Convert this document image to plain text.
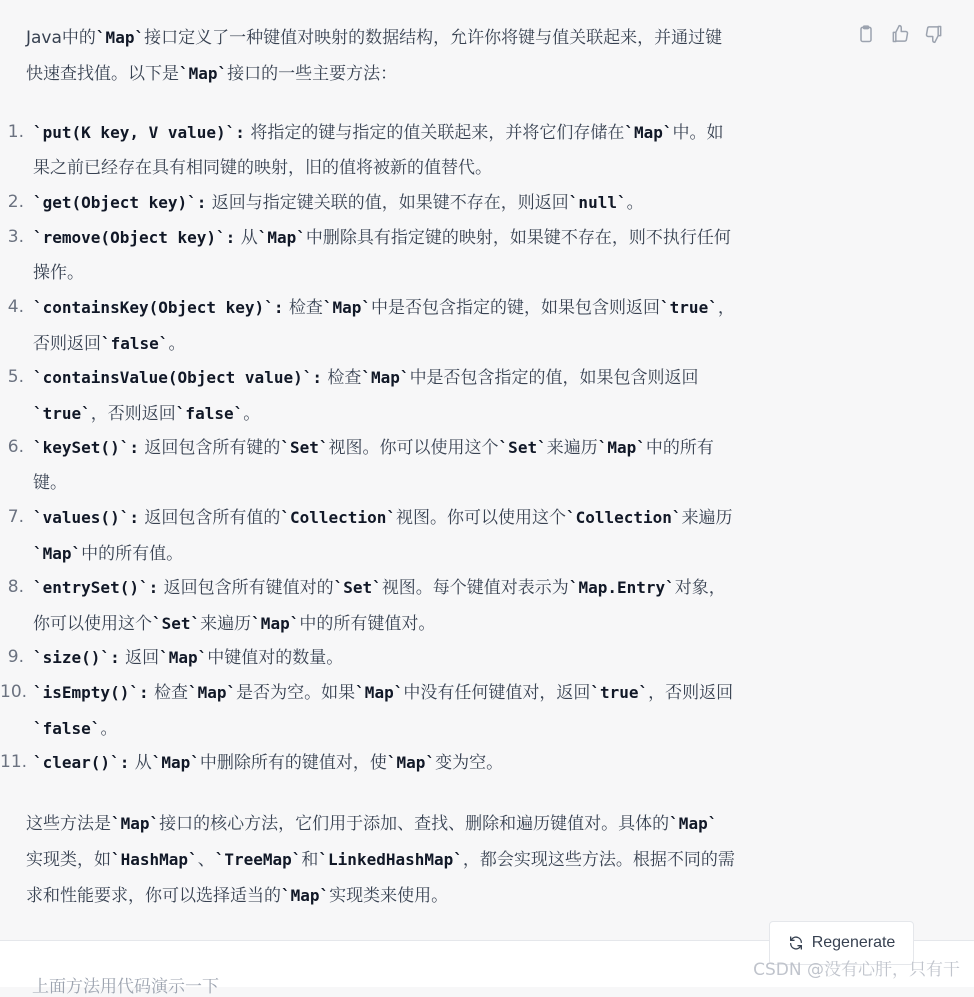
Java中的`Map`接口定义了一种键值对映射的数据结构，允许你将键与值关联起来，并通过键
快速查找值。以下是`Map`接口的一些主要方法：
1. `put(K key, V value)`: 将指定的键与指定的值关联起来，并将它们存储在`Map`中。如
果之前已经存在具有相同键的映射，旧的值将被新的值替代。
2. `get(Object key)`: 返回与指定键关联的值，如果键不存在，则返回`null`。
3. `remove(Object key)`: 从`Map`中删除具有指定键的映射，如果键不存在，则不执行任何
操作。
4. `containsKey(Object key)`: 检查`Map`中是否包含指定的键，如果包含则返回`true`，
否则返回`false`。
5. `containsValue(Object value)`: 检查`Map`中是否包含指定的值，如果包含则返回
`true`，否则返回`false`。
6. `keySet()`: 返回包含所有键的`Set`视图。你可以使用这个`Set`来遍历`Map`中的所有
键。
7. `values()`: 返回包含所有值的`Collection`视图。你可以使用这个`Collection`来遍历
`Map`中的所有值。
8. `entrySet()`: 返回包含所有键值对的`Set`视图。每个键值对表示为`Map.Entry`对象，
你可以使用这个`Set`来遍历`Map`中的所有键值对。
9. `size()`: 返回`Map`中键值对的数量。
10. `isEmpty()`: 检查`Map`是否为空。如果`Map`中没有任何键值对，返回`true`，否则返回
`false`。
11. `clear()`: 从`Map`中删除所有的键值对，使`Map`变为空。
这些方法是`Map`接口的核心方法，它们用于添加、查找、删除和遍历键值对。具体的`Map`
实现类，如`HashMap`、`TreeMap`和`LinkedHashMap`，都会实现这些方法。根据不同的需
求和性能要求，你可以选择适当的`Map`实现类来使用。
上面方法用代码演示一下
Regenerate
CSDN @没有心肝，只有干
